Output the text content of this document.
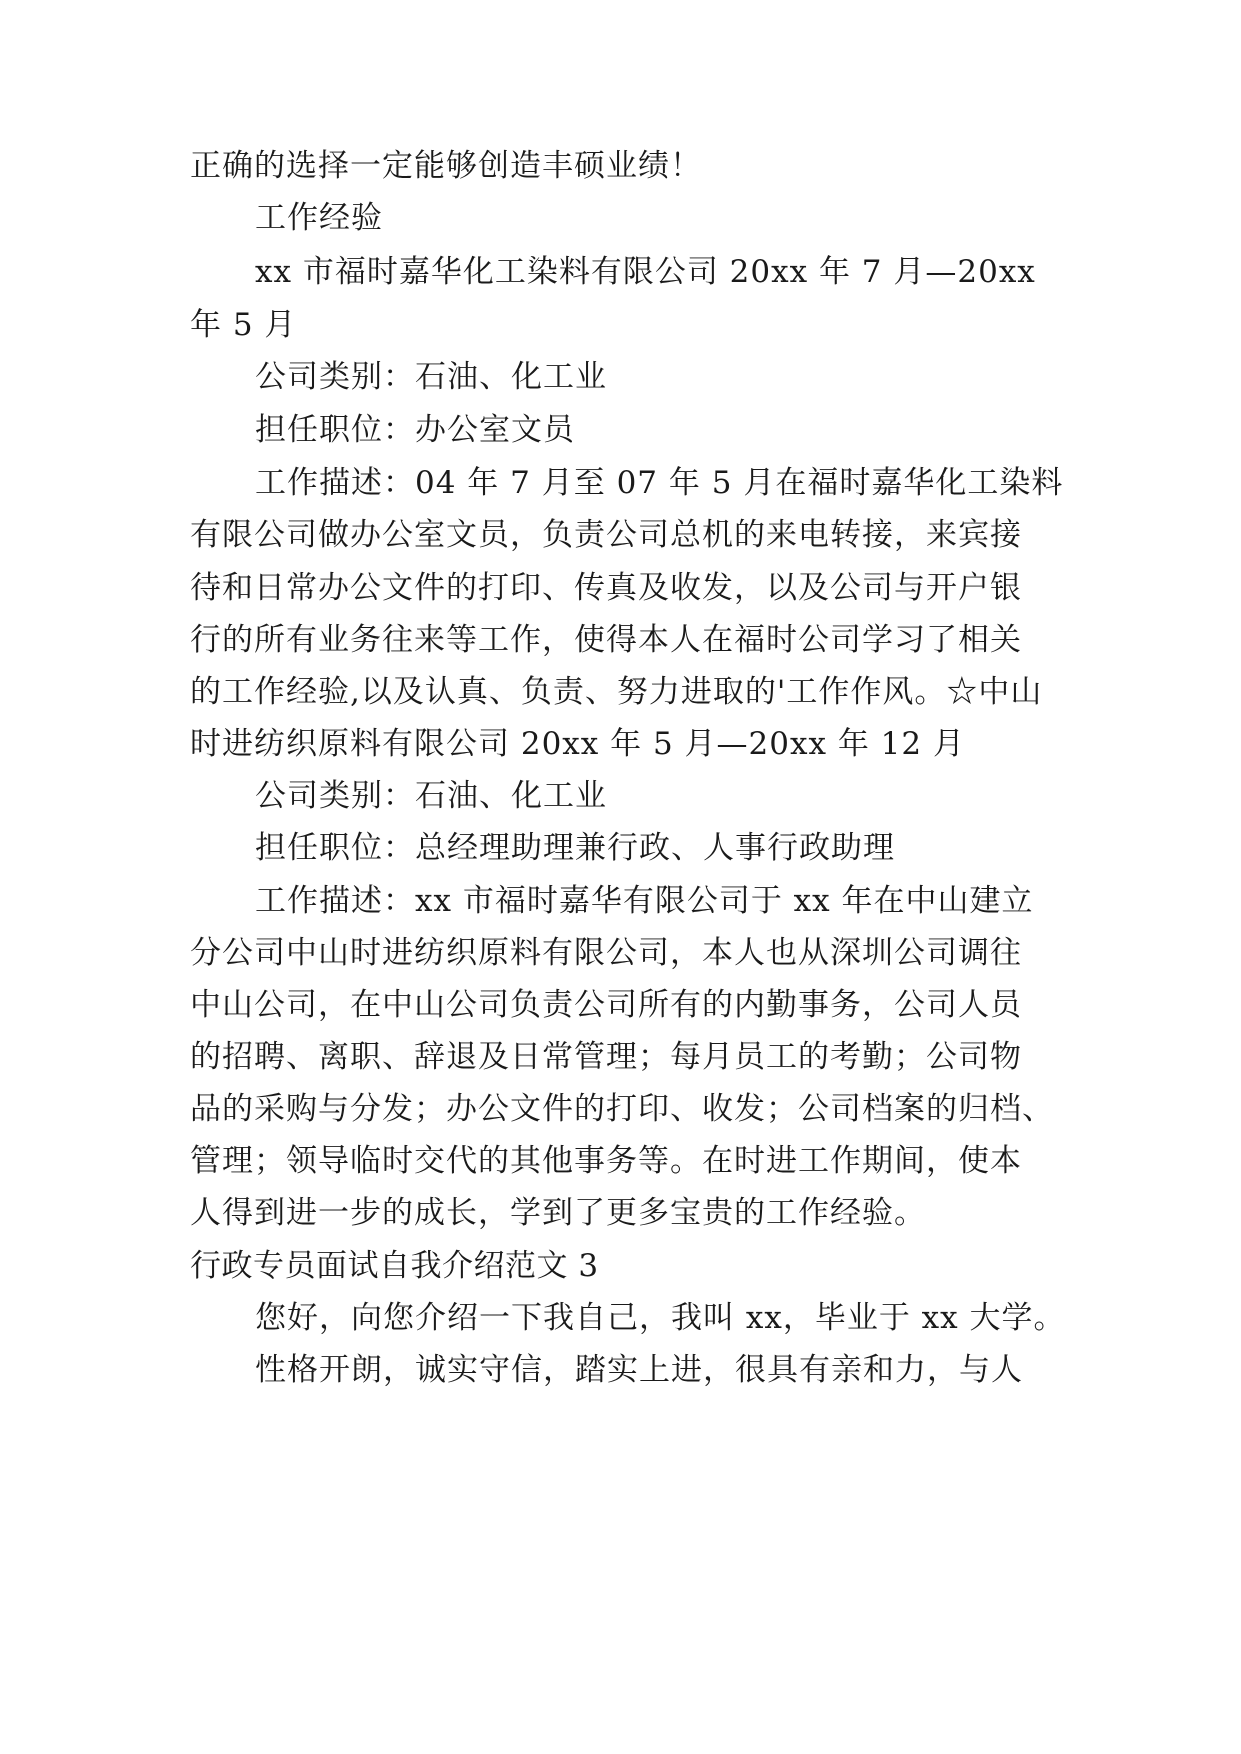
正确的选择一定能够创造丰硕业绩！
工作经验
xx 市福时嘉华化工染料有限公司 20xx 年 7 月—20xx
年 5 月
公司类别：石油、化工业
担任职位：办公室文员
工作描述：04 年 7 月至 07 年 5 月在福时嘉华化工染料
有限公司做办公室文员，负责公司总机的来电转接，来宾接
待和日常办公文件的打印、传真及收发，以及公司与开户银
行的所有业务往来等工作，使得本人在福时公司学习了相关
的工作经验,以及认真、负责、努力进取的'工作作风。☆中山
时进纺织原料有限公司 20xx 年 5 月—20xx 年 12 月
公司类别：石油、化工业
担任职位：总经理助理兼行政、人事行政助理
工作描述：xx 市福时嘉华有限公司于 xx 年在中山建立
分公司中山时进纺织原料有限公司，本人也从深圳公司调往
中山公司，在中山公司负责公司所有的内勤事务，公司人员
的招聘、离职、辞退及日常管理；每月员工的考勤；公司物
品的采购与分发；办公文件的打印、收发；公司档案的归档、
管理；领导临时交代的其他事务等。在时进工作期间，使本
人得到进一步的成长，学到了更多宝贵的工作经验。
行政专员面试自我介绍范文 3
您好，向您介绍一下我自己，我叫 xx，毕业于 xx 大学。
性格开朗，诚实守信，踏实上进，很具有亲和力，与人
